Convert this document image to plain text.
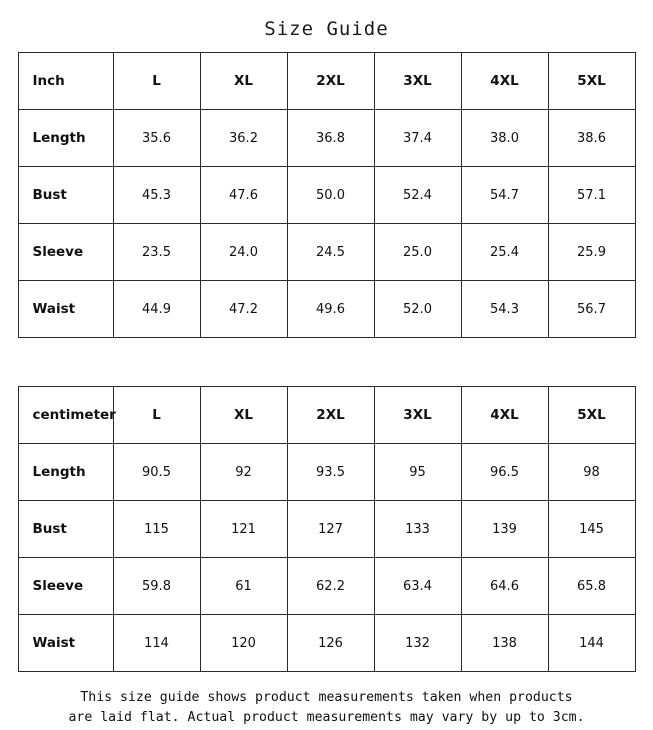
Size Guide
Inch	L	XL	2XL	3XL	4XL	5XL
Length	35.6	36.2	36.8	37.4	38.0	38.6
Bust	45.3	47.6	50.0	52.4	54.7	57.1
Sleeve	23.5	24.0	24.5	25.0	25.4	25.9
Waist	44.9	47.2	49.6	52.0	54.3	56.7
centimeter	L	XL	2XL	3XL	4XL	5XL
Length	90.5	92	93.5	95	96.5	98
Bust	115	121	127	133	139	145
Sleeve	59.8	61	62.2	63.4	64.6	65.8
Waist	114	120	126	132	138	144
This size guide shows product measurements taken when products
are laid flat. Actual product measurements may vary by up to 3cm.
